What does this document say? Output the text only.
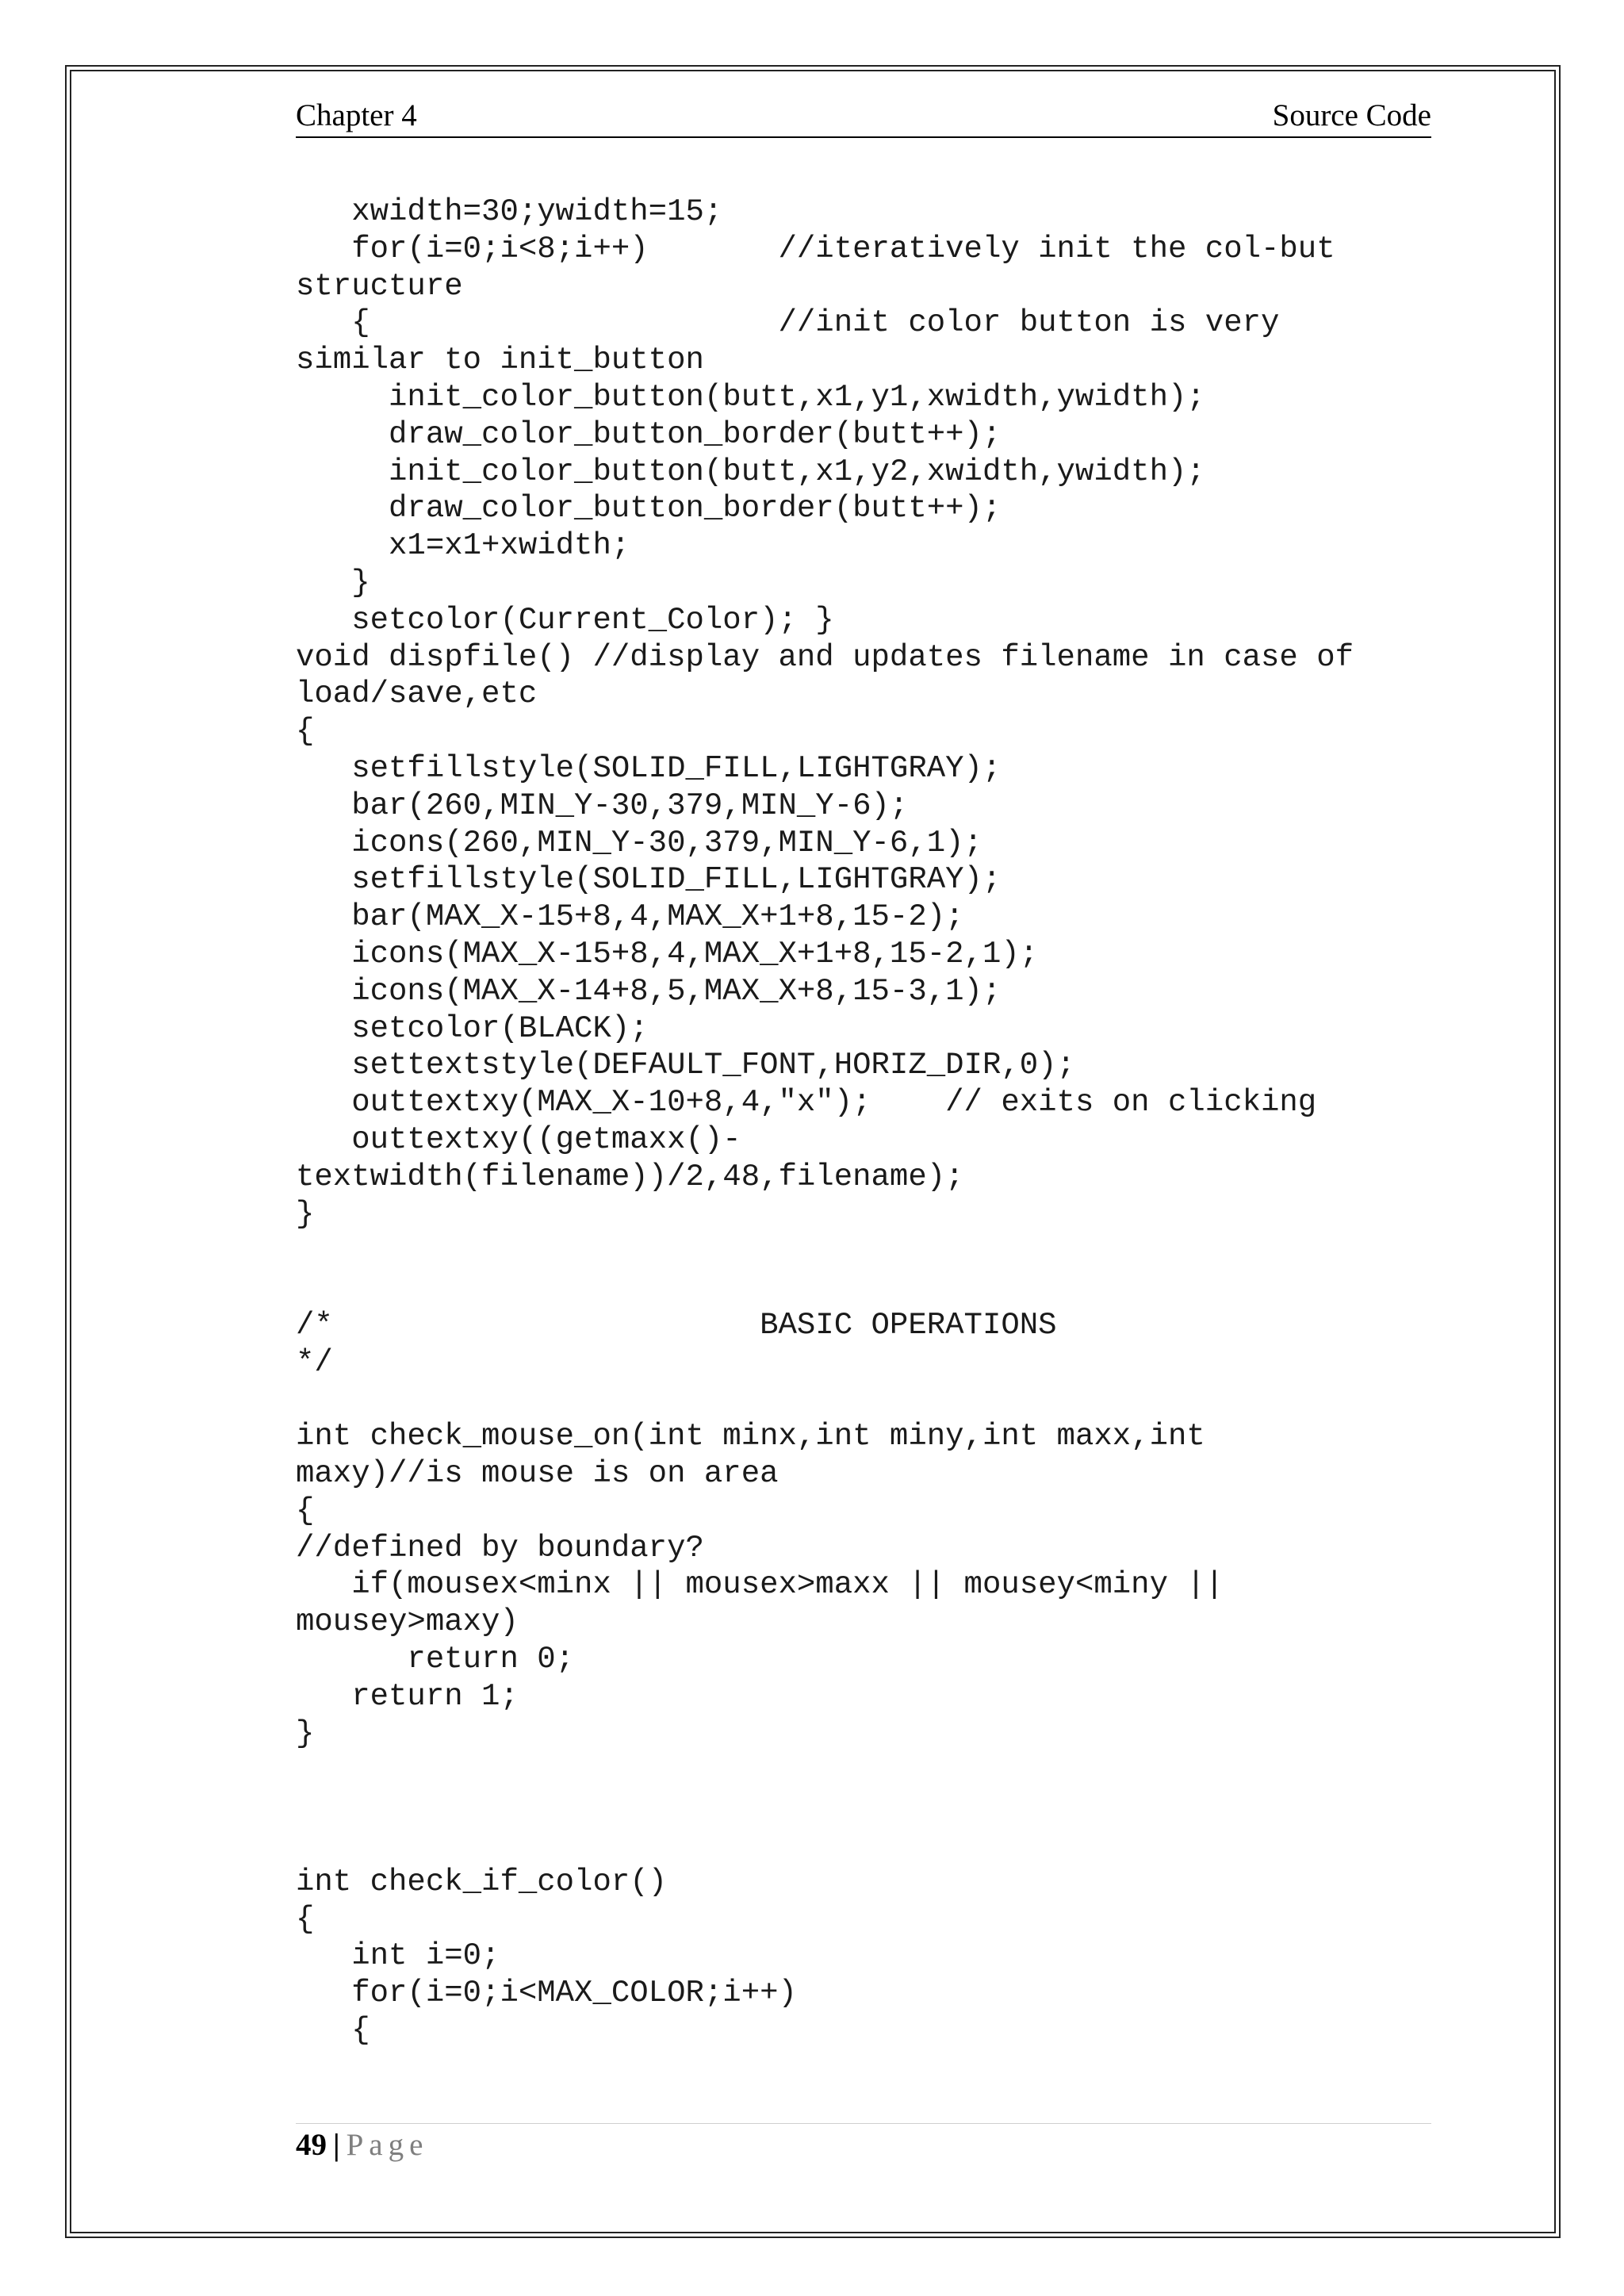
Chapter 4	Source Code
xwidth=30;ywidth=15;
for(i=0;i<8;i++)       //iteratively init the col-but
structure
{                      //init color button is very
similar to init_button
init_color_button(butt,x1,y1,xwidth,ywidth);
draw_color_button_border(butt++);
init_color_button(butt,x1,y2,xwidth,ywidth);
draw_color_button_border(butt++);
x1=x1+xwidth;
}
setcolor(Current_Color); }
void dispfile() //display and updates filename in case of
load/save,etc
{
setfillstyle(SOLID_FILL,LIGHTGRAY);
bar(260,MIN_Y-30,379,MIN_Y-6);
icons(260,MIN_Y-30,379,MIN_Y-6,1);
setfillstyle(SOLID_FILL,LIGHTGRAY);
bar(MAX_X-15+8,4,MAX_X+1+8,15-2);
icons(MAX_X-15+8,4,MAX_X+1+8,15-2,1);
icons(MAX_X-14+8,5,MAX_X+8,15-3,1);
setcolor(BLACK);
settextstyle(DEFAULT_FONT,HORIZ_DIR,0);
outtextxy(MAX_X-10+8,4,"x");    // exits on clicking
outtextxy((getmaxx()-
textwidth(filename))/2,48,filename);
}
/*                       BASIC OPERATIONS
*/
int check_mouse_on(int minx,int miny,int maxx,int
maxy)//is mouse is on area
{
//defined by boundary?
if(mousex<minx || mousex>maxx || mousey<miny ||
mousey>maxy)
return 0;
return 1;
}
int check_if_color()
{
int i=0;
for(i=0;i<MAX_COLOR;i++)
{
49 | Page
